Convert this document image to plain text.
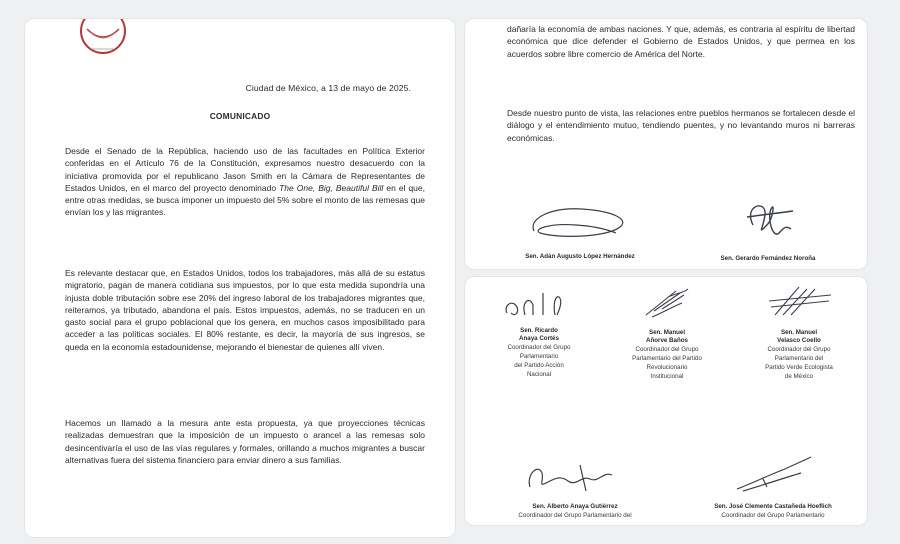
Ciudad de México, a 13 de mayo de 2025.
COMUNICADO

Desde el Senado de la República, haciendo uso de las facultades en Política Exterior conferidas en el Artículo 76 de la Constitución, expresamos nuestro desacuerdo con la iniciativa promovida por el republicano Jason Smith en la Cámara de Representantes de Estados Unidos, en el marco del proyecto denominado The One, Big, Beautiful Bill en el que, entre otras medidas, se busca imponer un impuesto del 5% sobre el monto de las remesas que envían los y las migrantes.

Es relevante destacar que, en Estados Unidos, todos los trabajadores, más allá de su estatus migratorio, pagan de manera cotidiana sus impuestos, por lo que esta medida supondría una injusta doble tributación sobre ese 20% del ingreso laboral de los trabajadores migrantes que, reiteramos, ya tributado, abandona el país. Estos impuestos, además, no se traducen en un gasto social para el grupo poblacional que los genera, en muchos casos imposibilitado para acceder a las políticas sociales. El 80% restante, es decir, la mayoría de sus ingresos, se queda en la economía estadounidense, mejorando el bienestar de quienes allí viven.

Hacemos un llamado a la mesura ante esta propuesta, ya que proyecciones técnicas realizadas demuestran que la imposición de un impuesto o arancel a las remesas solo desincentivaría el uso de las vías regulares y formales, orillando a muchos migrantes a buscar alternativas fuera del sistema financiero para enviar dinero a sus familias.

dañaría la economía de ambas naciones. Y que, además, es contraria al espíritu de libertad económica que dice defender el Gobierno de Estados Unidos, y que permea en los acuerdos sobre libre comercio de América del Norte.

Desde nuestro punto de vista, las relaciones entre pueblos hermanos se fortalecen desde el diálogo y el entendimiento mutuo, tendiendo puentes, y no levantando muros ni barreras económicas.

Sen. Adán Augusto López Hernández	Sen. Gerardo Fernández Noroña
Sen. Ricardo
Anaya Cortés
Coordinador del Grupo
Parlamentario
del Partido Acción
Nacional
Sen. Manuel
Añorve Baños
Coordinador del Grupo
Parlamentario del Partido
Revolucionario
Institucional
Sen. Manuel
Velasco Coello
Coordinador del Grupo
Parlamentario del
Partido Verde Ecologista
de México
Sen. Alberto Anaya Gutiérrez
Coordinador del Grupo Parlamentario del
Sen. José Clemente Castañeda Hoeflich
Coordinador del Grupo Parlamentario
